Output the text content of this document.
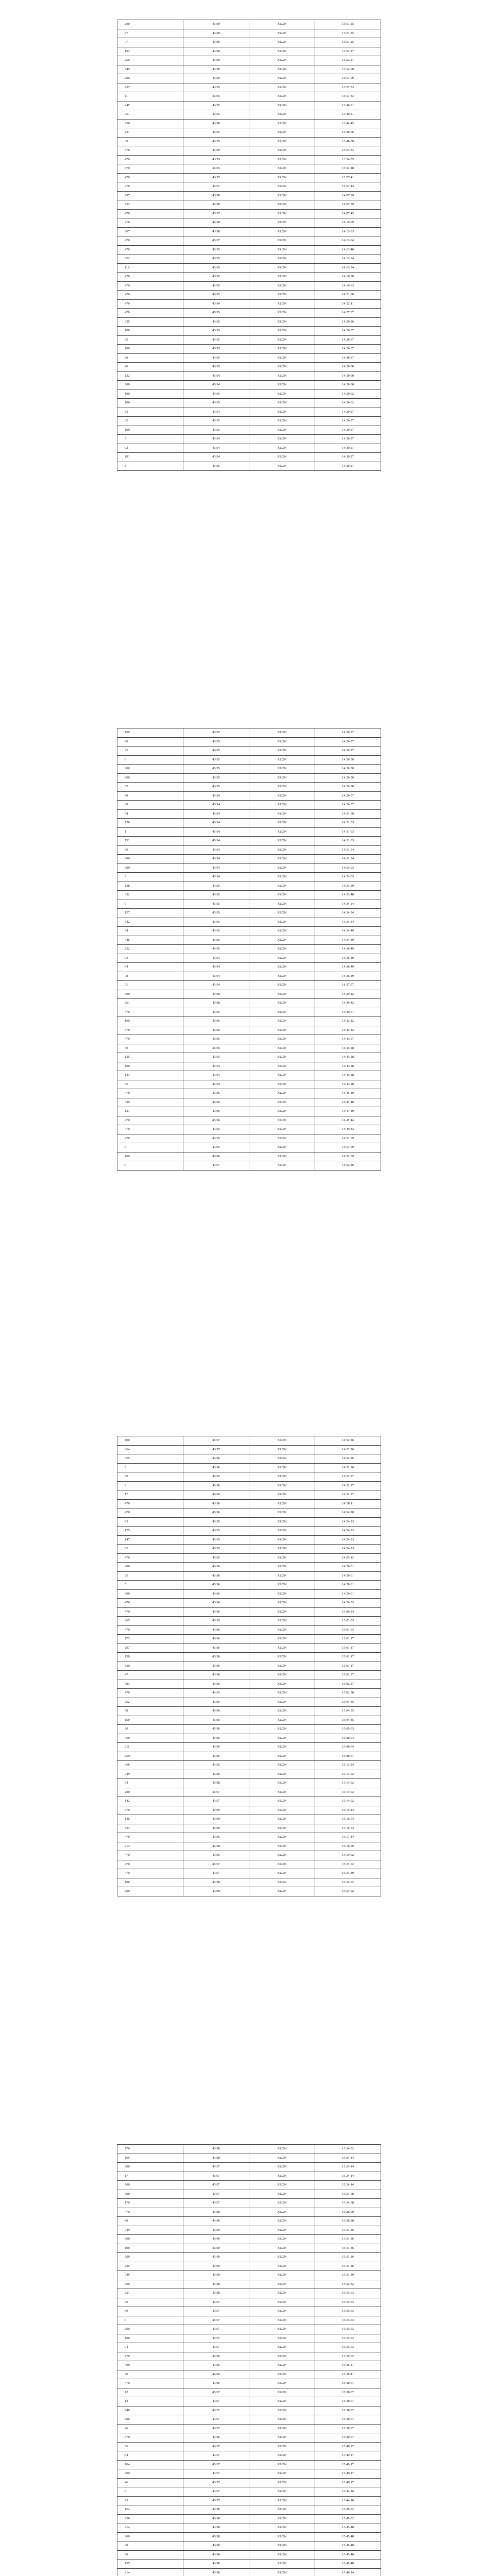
200	43.90	XLON	13:51:25
97	43.90	XLON	13:51:25
77	43.90	XLON	13:51:25
193	43.90	XLON	13:52:17
250	43.90	XLON	13:52:27
245	43.90	XLON	13:54:08
200	43.90	XLON	13:57:09
237	43.95	XLON	13:57:33
11	43.95	XLON	13:57:33
245	43.95	XLON	13:40:01
251	43.95	XLON	13:40:21
250	43.90	XLON	13:44:45
231	43.95	XLON	13:46:06
39	43.95	XLON	13:48:08
470	44.00	XLON	13:53:33
470	43.95	XLON	13:54:05
470	43.95	XLON	13:54:18
470	43.97	XLON	13:57:41
470	43.97	XLON	13:57:44
297	43.98	XLON	14:07:39
223	43.98	XLON	14:07:39
470	43.97	XLON	14:07:45
216	43.98	XLON	14:10:09
207	43.98	XLON	14:13:03
470	43.97	XLON	14:13:04
470	43.95	XLON	14:13:40
352	43.95	XLON	14:13:54
118	43.95	XLON	14:13:54
470	43.95	XLON	14:18:38
470	43.95	XLON	14:19:33
470	43.95	XLON	14:21:00
470	43.94	XLON	14:22:11
470	43.95	XLON	14:27:37
335	43.95	XLON	14:28:26
100	43.95	XLON	14:28:37
35	43.95	XLON	14:28:37
100	43.95	XLON	14:28:37
20	43.95	XLON	14:28:37
40	43.95	XLON	14:30:00
122	43.94	XLON	14:30:00
200	43.94	XLON	14:30:00
100	43.95	XLON	14:30:02
100	43.95	XLON	14:30:02
32	43.94	XLON	14:30:27
32	43.95	XLON	14:30:27
100	43.95	XLON	14:30:27
5	43.94	XLON	14:30:27
92	43.94	XLON	14:30:27
191	43.94	XLON	14:30:27
8	43.95	XLON	14:30:27
159	43.95	XLON	14:30:27
50	43.95	XLON	14:30:27
22	43.95	XLON	14:30:27
6	43.95	XLON	14:30:50
200	43.95	XLON	14:30:50
200	43.95	XLON	14:30:50
62	43.95	XLON	14:30:50
48	43.94	XLON	14:30:57
38	43.94	XLON	14:30:57
94	43.94	XLON	14:31:00
126	43.94	XLON	14:31:03
1	43.94	XLON	14:31:03
151	43.94	XLON	14:31:03
69	43.94	XLON	14:31:54
200	43.94	XLON	14:31:54
200	43.94	XLON	14:33:03
5	43.94	XLON	14:33:03
138	43.95	XLON	14:33:29
332	43.95	XLON	14:33:48
5	43.95	XLON	14:34:24
127	43.95	XLON	14:34:24
342	43.95	XLON	14:34:34
24	43.95	XLON	14:34:49
446	43.95	XLON	14:34:49
222	43.95	XLON	14:36:49
93	43.94	XLON	14:36:49
64	43.94	XLON	14:36:49
78	43.94	XLON	14:36:49
71	43.94	XLON	14:37:07
200	43.98	XLON	14:39:42
261	43.98	XLON	14:39:42
470	43.95	XLON	14:40:51
100	43.96	XLON	14:42:12
370	43.96	XLON	14:42:12
470	43.95	XLON	14:43:07
30	43.95	XLON	14:43:28
135	43.95	XLON	14:43:28
100	43.94	XLON	14:43:28
133	43.94	XLON	14:43:28
65	43.94	XLON	14:43:28
470	43.96	XLON	14:45:49
339	43.96	XLON	14:47:40
131	43.96	XLON	14:47:40
470	43.96	XLON	14:47:44
470	43.95	XLON	14:49:13
470	43.95	XLON	14:51:09
5	43.95	XLON	14:51:09
100	43.96	XLON	14:52:09
6	43.97	XLON	14:52:26
100	43.97	XLON	14:52:26
364	43.97	XLON	14:52:26
355	43.96	XLON	14:52:26
5	43.96	XLON	14:52:26
30	43.95	XLON	14:52:27
2	43.96	XLON	14:52:27
17	43.96	XLON	14:52:27
470	43.96	XLON	14:58:11
470	43.96	XLON	14:54:20
83	43.95	XLON	14:54:23
175	43.95	XLON	14:54:23
147	43.95	XLON	14:54:23
65	43.95	XLON	14:54:23
470	43.95	XLON	14:55:12
200	43.96	XLON	14:59:01
35	43.96	XLON	14:59:01
5	43.96	XLON	14:59:01
200	43.96	XLON	14:59:01
470	43.96	XLON	14:59:53
470	43.96	XLON	15:00:24
265	43.95	XLON	15:01:03
470	43.96	XLON	15:01:03
173	43.96	XLON	15:01:17
297	43.96	XLON	15:01:17
150	43.96	XLON	15:01:17
320	43.96	XLON	15:01:17
47	43.96	XLON	15:02:27
383	43.96	XLON	15:02:27
470	43.95	XLON	15:02:38
252	43.96	XLON	15:04:35
78	43.96	XLON	15:04:35
150	43.96	XLON	15:04:35
20	43.96	XLON	15:05:03
450	43.96	XLON	15:08:04
211	43.96	XLON	15:08:04
259	43.96	XLON	15:08:07
466	43.95	XLON	15:13:24
749	43.96	XLON	15:14:02
34	43.98	XLON	15:14:02
200	43.97	XLON	15:14:02
142	43.97	XLON	15:14:02
470	43.99	XLON	15:15:44
136	43.99	XLON	15:16:54
334	43.99	XLON	15:16:54
470	43.96	XLON	15:17:44
212	43.98	XLON	15:18:59
470	43.96	XLON	15:19:02
470	43.97	XLON	15:21:02
470	43.97	XLON	15:21:39
100	43.98	XLON	15:24:02
200	43.98	XLON	15:24:02
170	43.98	XLON	15:24:02
165	43.98	XLON	15:24:14
206	43.97	XLON	15:24:14
17	43.97	XLON	15:24:14
200	43.97	XLON	15:24:14
300	43.97	XLON	15:24:58
170	43.97	XLON	15:24:58
470	43.98	XLON	15:26:00
48	43.99	XLON	15:28:28
749	43.99	XLON	15:31:36
200	43.99	XLON	15:31:36
100	43.99	XLON	15:31:36
200	43.99	XLON	15:31:36
225	43.99	XLON	15:31:36
749	43.99	XLON	15:31:39
200	43.98	XLON	15:32:32
221	43.98	XLON	15:33:03
90	43.97	XLON	15:33:03
59	43.97	XLON	15:33:03
6	43.97	XLON	15:33:03
200	43.97	XLON	15:33:03
100	43.97	XLON	15:33:03
94	43.97	XLON	15:33:03
470	43.96	XLON	15:35:02
400	43.96	XLON	15:36:41
70	43.96	XLON	15:36:41
470	43.96	XLON	15:38:07
12	43.97	XLON	15:38:07
12	43.97	XLON	15:38:07
240	43.97	XLON	15:38:07
206	43.97	XLON	15:38:07
46	43.97	XLON	15:38:07
470	43.96	XLON	15:40:07
56	43.97	XLON	15:40:17
64	43.97	XLON	15:40:17
104	43.97	XLON	15:40:17
200	43.97	XLON	15:40:17
46	43.97	XLON	15:40:17
5	43.97	XLON	15:44:16
95	43.97	XLON	15:44:16
164	43.98	XLON	15:45:02
236	43.98	XLON	15:45:02
214	43.98	XLON	15:45:48
200	43.98	XLON	15:45:48
38	43.98	XLON	15:45:48
20	43.98	XLON	15:45:48
135	43.98	XLON	15:45:48
214	43.98	XLON	15:46:14
